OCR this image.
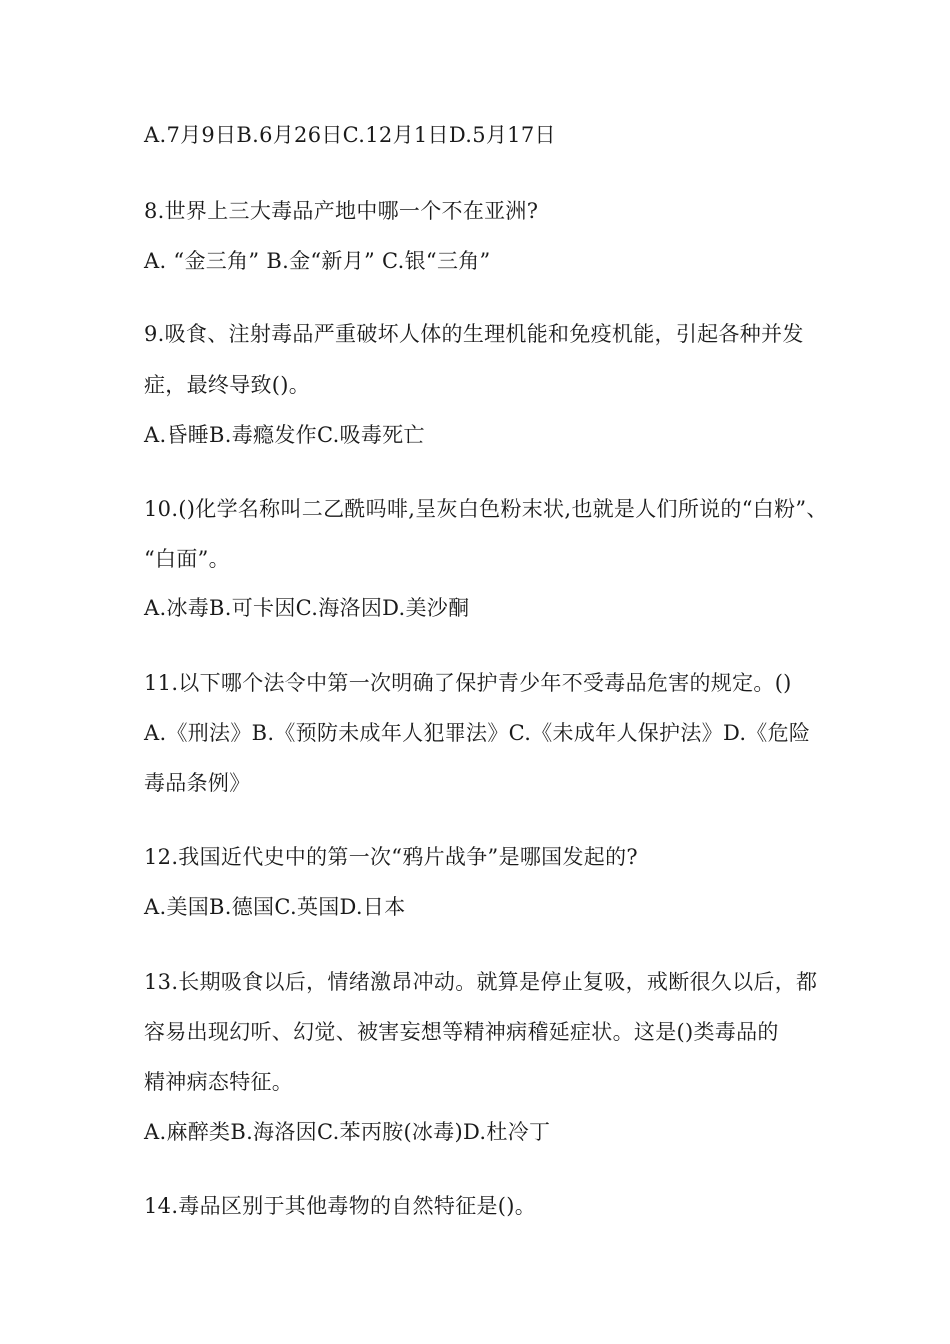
A.7月9日B.6月26日C.12月1日D.5月17日
8.世界上三大毒品产地中哪一个不在亚洲?
A. “金三角” B.金“新月” C.银“三角”
9.吸食、注射毒品严重破坏人体的生理机能和免疫机能，引起各种并发
症，最终导致()。
A.昏睡B.毒瘾发作C.吸毒死亡
10.()化学名称叫二乙酰吗啡,呈灰白色粉末状,也就是人们所说的“白粉”、
“白面”。
A.冰毒B.可卡因C.海洛因D.美沙酮
11.以下哪个法令中第一次明确了保护青少年不受毒品危害的规定。()
A.《刑法》B.《预防未成年人犯罪法》C.《未成年人保护法》D.《危险
毒品条例》
12.我国近代史中的第一次“鸦片战争”是哪国发起的?
A.美国B.德国C.英国D.日本
13.长期吸食以后，情绪激昂冲动。就算是停止复吸，戒断很久以后，都
容易出现幻听、幻觉、被害妄想等精神病稽延症状。这是()类毒品的
精神病态特征。
A.麻醉类B.海洛因C.苯丙胺(冰毒)D.杜冷丁
14.毒品区别于其他毒物的自然特征是()。
